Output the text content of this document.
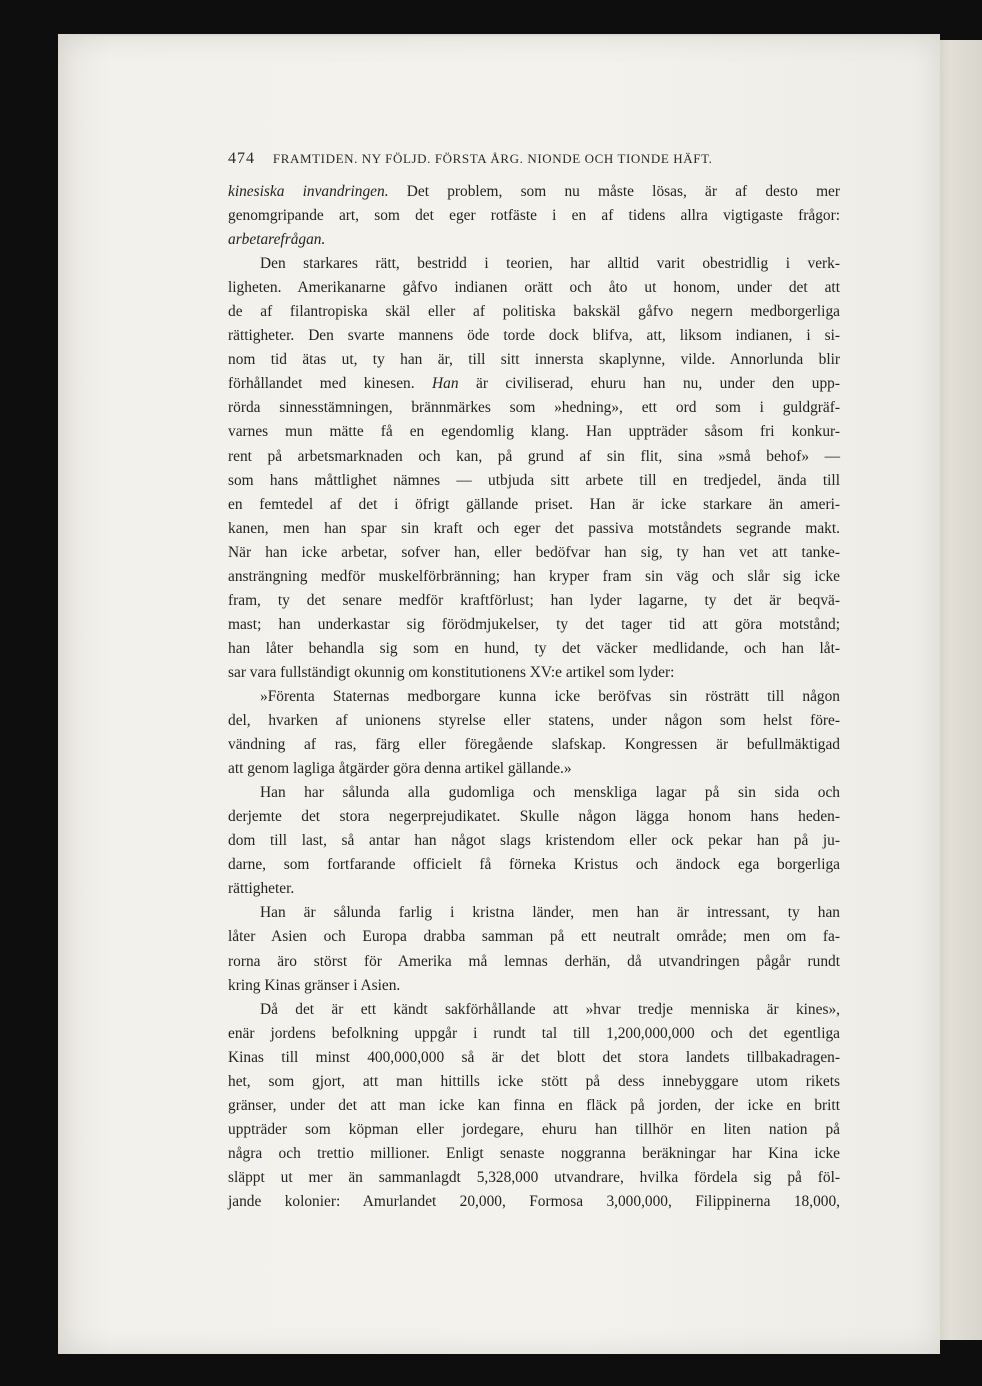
474 FRAMTIDEN. NY FÖLJD. FÖRSTA ÅRG. NIONDE OCH TIONDE HÄFT.
kinesiska invandringen. Det problem, som nu måste lösas, är af desto mer
genomgripande art, som det eger rotfäste i en af tidens allra vigtigaste frågor:
arbetarefrågan.
Den starkares rätt, bestridd i teorien, har alltid varit obestridlig i verk-
ligheten. Amerikanarne gåfvo indianen orätt och åto ut honom, under det att
de af filantropiska skäl eller af politiska bakskäl gåfvo negern medborgerliga
rättigheter. Den svarte mannens öde torde dock blifva, att, liksom indianen, i si-
nom tid ätas ut, ty han är, till sitt innersta skaplynne, vilde. Annorlunda blir
förhållandet med kinesen. Han är civiliserad, ehuru han nu, under den upp-
rörda sinnesstämningen, brännmärkes som »hedning», ett ord som i guldgräf-
varnes mun mätte få en egendomlig klang. Han uppträder såsom fri konkur-
rent på arbetsmarknaden och kan, på grund af sin flit, sina »små behof» —
som hans måttlighet nämnes — utbjuda sitt arbete till en tredjedel, ända till
en femtedel af det i öfrigt gällande priset. Han är icke starkare än ameri-
kanen, men han spar sin kraft och eger det passiva motståndets segrande makt.
När han icke arbetar, sofver han, eller bedöfvar han sig, ty han vet att tanke-
ansträngning medför muskelförbränning; han kryper fram sin väg och slår sig icke
fram, ty det senare medför kraftförlust; han lyder lagarne, ty det är beqvä-
mast; han underkastar sig förödmjukelser, ty det tager tid att göra motstånd;
han låter behandla sig som en hund, ty det väcker medlidande, och han låt-
sar vara fullständigt okunnig om konstitutionens XV:e artikel som lyder:
»Förenta Staternas medborgare kunna icke beröfvas sin rösträtt till någon
del, hvarken af unionens styrelse eller statens, under någon som helst före-
vändning af ras, färg eller föregående slafskap. Kongressen är befullmäktigad
att genom lagliga åtgärder göra denna artikel gällande.»
Han har sålunda alla gudomliga och menskliga lagar på sin sida och
derjemte det stora negerprejudikatet. Skulle någon lägga honom hans heden-
dom till last, så antar han något slags kristendom eller ock pekar han på ju-
darne, som fortfarande officielt få förneka Kristus och ändock ega borgerliga
rättigheter.
Han är sålunda farlig i kristna länder, men han är intressant, ty han
låter Asien och Europa drabba samman på ett neutralt område; men om fa-
rorna äro störst för Amerika må lemnas derhän, då utvandringen pågår rundt
kring Kinas gränser i Asien.
Då det är ett kändt sakförhållande att »hvar tredje menniska är kines»,
enär jordens befolkning uppgår i rundt tal till 1,200,000,000 och det egentliga
Kinas till minst 400,000,000 så är det blott det stora landets tillbakadragen-
het, som gjort, att man hittills icke stött på dess innebyggare utom rikets
gränser, under det att man icke kan finna en fläck på jorden, der icke en britt
uppträder som köpman eller jordegare, ehuru han tillhör en liten nation på
några och trettio millioner. Enligt senaste noggranna beräkningar har Kina icke
släppt ut mer än sammanlagdt 5,328,000 utvandrare, hvilka fördela sig på föl-
jande kolonier: Amurlandet 20,000, Formosa 3,000,000, Filippinerna 18,000,
